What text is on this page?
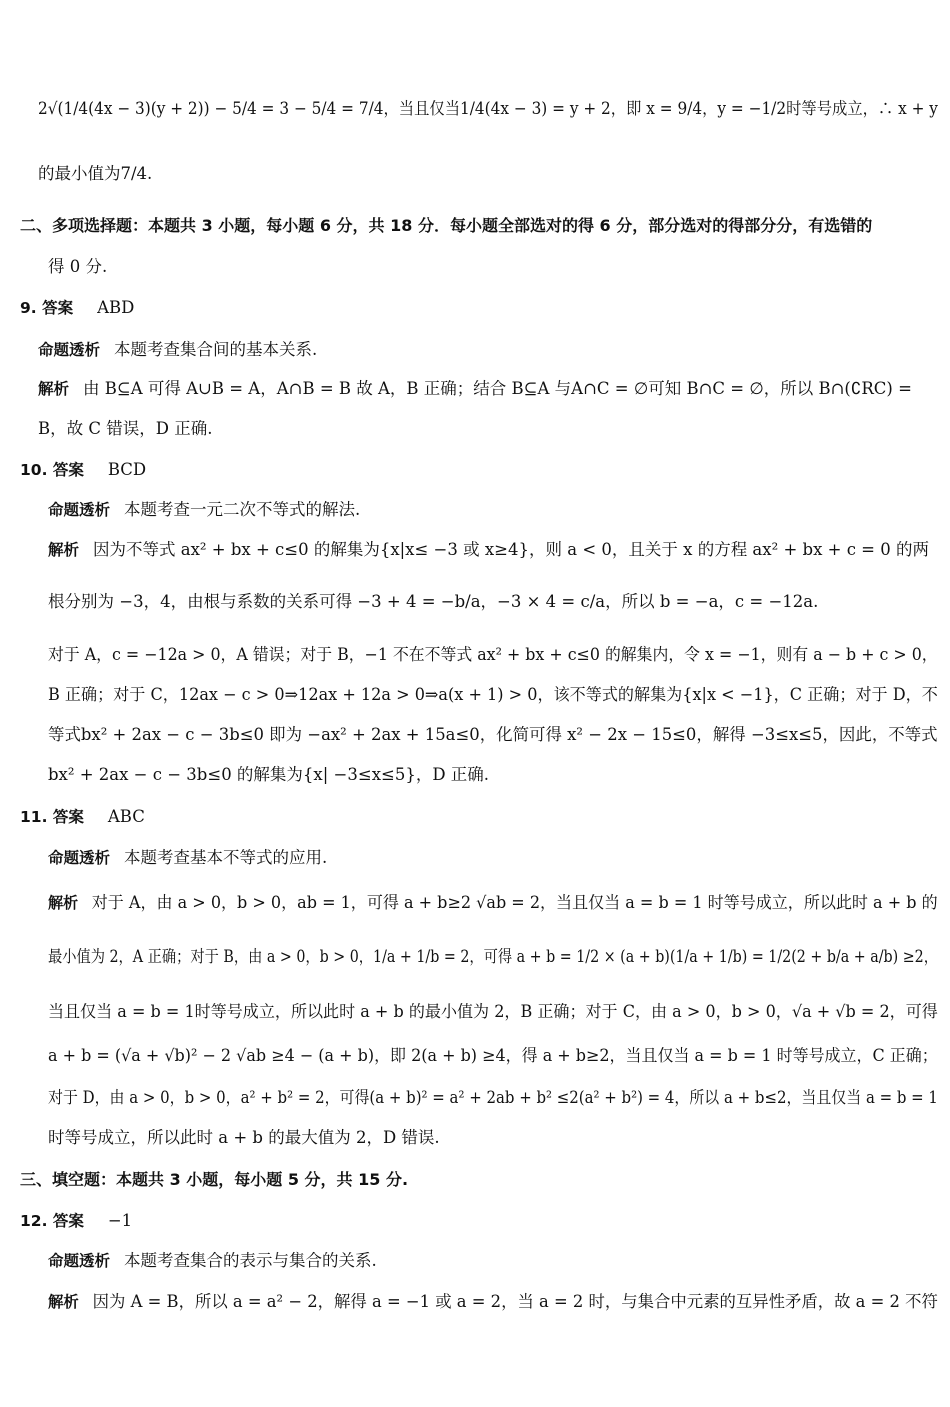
2√(1/4(4x − 3)(y + 2)) − 5/4 = 3 − 5/4 = 7/4，当且仅当1/4(4x − 3) = y + 2，即 x = 9/4，y = −1/2时等号成立，∴ x + y
的最小值为7/4.
二、多项选择题：本题共 3 小题，每小题 6 分，共 18 分．每小题全部选对的得 6 分，部分选对的得部分分，有选错的
得 0 分.
9. 答案 ABD
命题透析 本题考查集合间的基本关系.
解析 由 B⊆A 可得 A∪B = A，A∩B = B 故 A，B 正确；结合 B⊆A 与A∩C = ∅可知 B∩C = ∅，所以 B∩(∁RC) =
B，故 C 错误，D 正确.
10. 答案 BCD
命题透析 本题考查一元二次不等式的解法.
解析 因为不等式 ax² + bx + c≤0 的解集为{x|x≤ −3 或 x≥4}，则 a < 0，且关于 x 的方程 ax² + bx + c = 0 的两
根分别为 −3，4，由根与系数的关系可得 −3 + 4 = −b/a，−3 × 4 = c/a，所以 b = −a，c = −12a.
对于 A，c = −12a > 0，A 错误；对于 B，−1 不在不等式 ax² + bx + c≤0 的解集内，令 x = −1，则有 a − b + c > 0，
B 正确；对于 C，12ax − c > 0⇒12ax + 12a > 0⇒a(x + 1) > 0，该不等式的解集为{x|x < −1}，C 正确；对于 D，不
等式bx² + 2ax − c − 3b≤0 即为 −ax² + 2ax + 15a≤0，化简可得 x² − 2x − 15≤0，解得 −3≤x≤5，因此，不等式
bx² + 2ax − c − 3b≤0 的解集为{x| −3≤x≤5}，D 正确.
11. 答案 ABC
命题透析 本题考查基本不等式的应用.
解析 对于 A，由 a > 0，b > 0，ab = 1，可得 a + b≥2 √ab = 2，当且仅当 a = b = 1 时等号成立，所以此时 a + b 的
最小值为 2，A 正确；对于 B，由 a > 0，b > 0，1/a + 1/b = 2，可得 a + b = 1/2 × (a + b)(1/a + 1/b) = 1/2(2 + b/a + a/b) ≥2，
当且仅当 a = b = 1时等号成立，所以此时 a + b 的最小值为 2，B 正确；对于 C，由 a > 0，b > 0，√a + √b = 2，可得
a + b = (√a + √b)² − 2 √ab ≥4 − (a + b)，即 2(a + b) ≥4，得 a + b≥2，当且仅当 a = b = 1 时等号成立，C 正确；
对于 D，由 a > 0，b > 0，a² + b² = 2，可得(a + b)² = a² + 2ab + b² ≤2(a² + b²) = 4，所以 a + b≤2，当且仅当 a = b = 1
时等号成立，所以此时 a + b 的最大值为 2，D 错误.
三、填空题：本题共 3 小题，每小题 5 分，共 15 分.
12. 答案 −1
命题透析 本题考查集合的表示与集合的关系.
解析 因为 A = B，所以 a = a² − 2，解得 a = −1 或 a = 2，当 a = 2 时，与集合中元素的互异性矛盾，故 a = 2 不符
